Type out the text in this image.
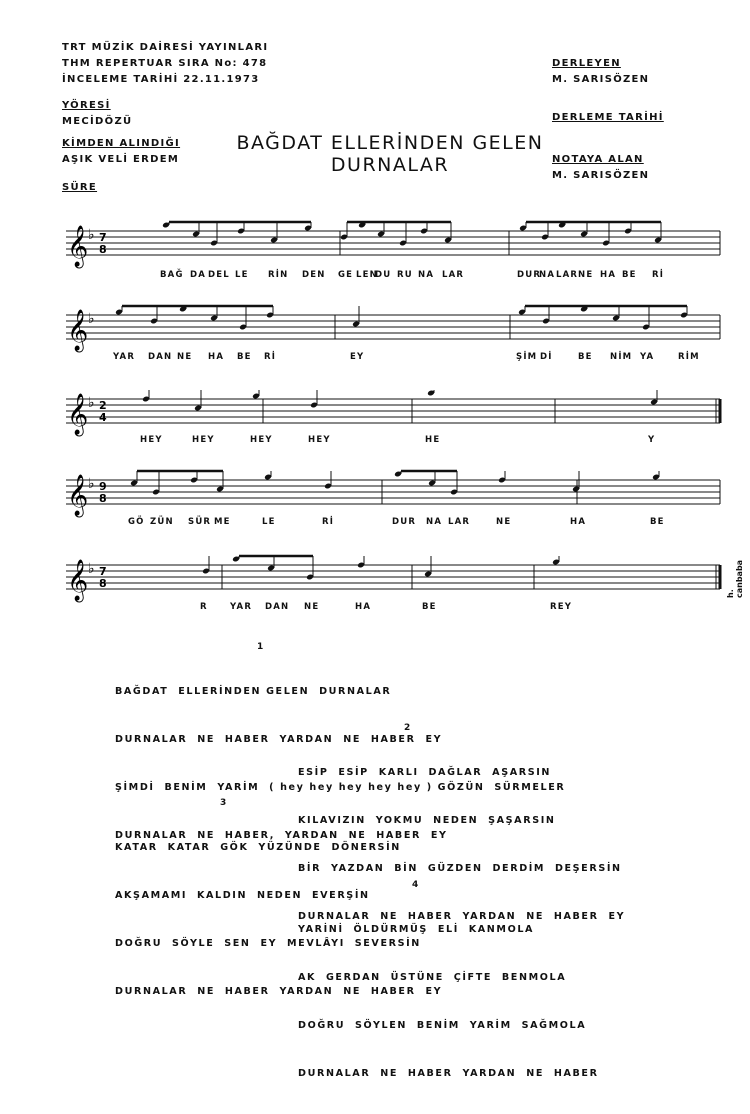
TRT MÜZİK DAİRESİ YAYINLARI
THM REPERTUAR SIRA No: 478
İNCELEME TARİHİ 22.11.1973
YÖRESİ
MECİDÖZÜ
KİMDEN ALINDIĞI
AŞIK VELİ ERDEM
SÜRE
DERLEYEN
M. SARISÖZEN
DERLEME TARİHİ
NOTAYA ALAN
M. SARISÖZEN
BAĞDAT ELLERİNDEN GELEN
DURNALAR
𝄞 ♭ 7
8
BAĞ DA DEL LE RİN DEN GE LEN
DU RU NA LAR	DUR
NA LAR NE HA BE Rİ
𝄞 ♭
YAR DAN NE HA BE Rİ	EY	ŞİM Dİ	BE NİM YA	RİM
𝄞 ♭ 2
4
HEY	HEY	HEY	HEY	HE	Y
𝄞 ♭ 9
8
GÖ ZÜN SÜR ME	LE	Rİ	DUR NA LAR	NE	HA	BE
𝄞 ♭ 7
8
R	YAR DAN NE	HA	BE	REY
h. canbaba
1

BAĞDAT  ELLERİNDEN GELEN  DURNALAR

DURNALAR  NE  HABER  YARDAN  NE  HABER  EY

ŞİMDİ  BENİM  YARİM  ( hey hey hey hey hey ) GÖZÜN  SÜRMELER

DURNALAR  NE  HABER,  YARDAN  NE  HABER  EY

2

ESİP  ESİP  KARLI  DAĞLAR  AŞARSIN

KILAVIZIN  YOKMU  NEDEN  ŞAŞARSIN

BİR  YAZDAN  BİN  GÜZDEN  DERDİM  DEŞERSİN

DURNALAR  NE  HABER  YARDAN  NE  HABER  EY

3

KATAR  KATAR  GÖK  YÜZÜNDE  DÖNERSİN

AKŞAMAMI  KALDIN  NEDEN  EVERŞİN

DOĞRU  SÖYLE  SEN  EY  MEVLÂYI  SEVERSİN

DURNALAR  NE  HABER  YARDAN  NE  HABER  EY

4

YARİNİ  ÖLDÜRMÜŞ  ELİ  KANMOLA

AK  GERDAN  ÜSTÜNE  ÇİFTE  BENMOLA

DOĞRU  SÖYLEN  BENİM  YARİM  SAĞMOLA

DURNALAR  NE  HABER  YARDAN  NE  HABER
